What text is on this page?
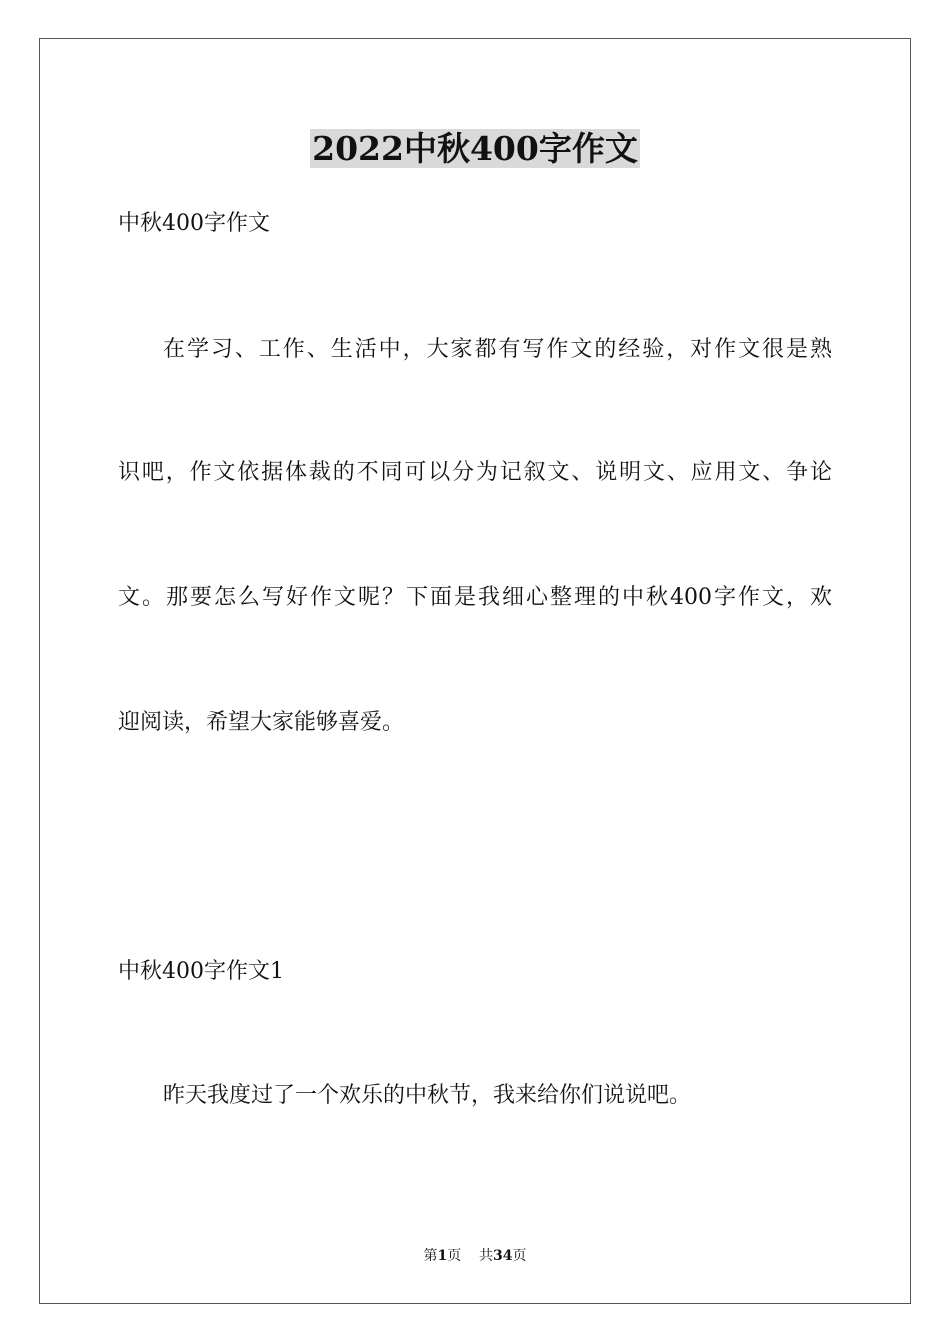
2022中秋400字作文
中秋400字作文
在学习、工作、生活中，大家都有写作文的经验，对作文很是熟
识吧，作文依据体裁的不同可以分为记叙文、说明文、应用文、争论
文。那要怎么写好作文呢？下面是我细心整理的中秋400字作文，欢
迎阅读，希望大家能够喜爱。
中秋400字作文1
昨天我度过了一个欢乐的中秋节，我来给你们说说吧。
第1页 共34页
